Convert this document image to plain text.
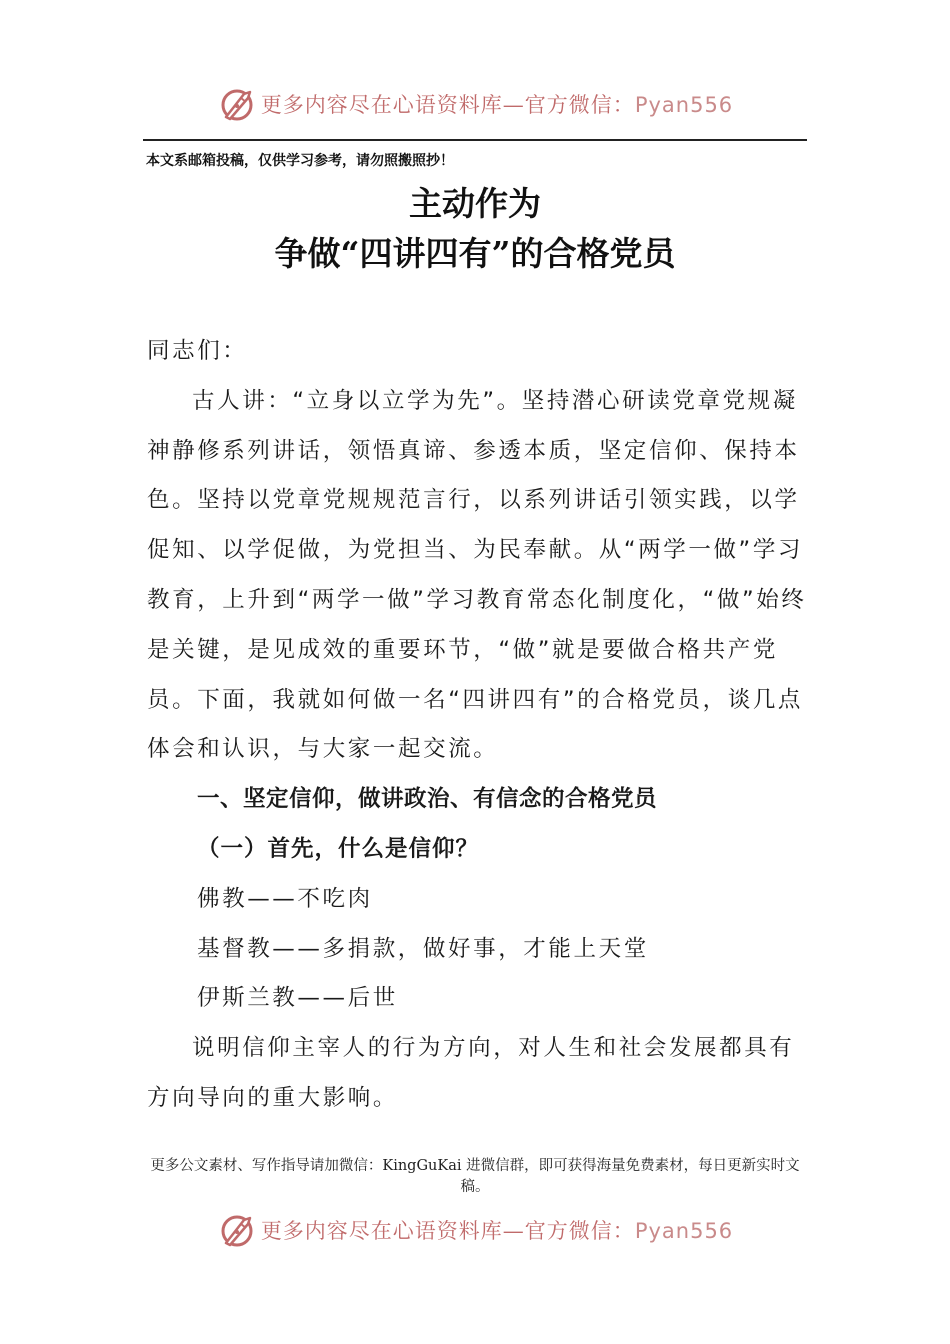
更多内容尽在心语资料库—官方微信：Pyan556
本文系邮箱投稿，仅供学习参考，请勿照搬照抄！
主动作为
争做“四讲四有”的合格党员

同志们：

古人讲：“立身以立学为先”。坚持潜心研读党章党规凝神静修系列讲话，领悟真谛、参透本质，坚定信仰、保持本色。坚持以党章党规规范言行，以系列讲话引领实践，以学促知、以学促做，为党担当、为民奉献。从“两学一做”学习教育，上升到“两学一做”学习教育常态化制度化，“做”始终是关键，是见成效的重要环节，“做”就是要做合格共产党员。下面，我就如何做一名“四讲四有”的合格党员，谈几点体会和认识，与大家一起交流。

一、坚定信仰，做讲政治、有信念的合格党员

（一）首先，什么是信仰？

佛教——不吃肉

基督教——多捐款，做好事，才能上天堂

伊斯兰教——后世

说明信仰主宰人的行为方向，对人生和社会发展都具有方向导向的重大影响。

更多公文素材、写作指导请加微信：KingGuKai 进微信群，即可获得海量免费素材，每日更新实时文稿。
更多内容尽在心语资料库—官方微信：Pyan556
